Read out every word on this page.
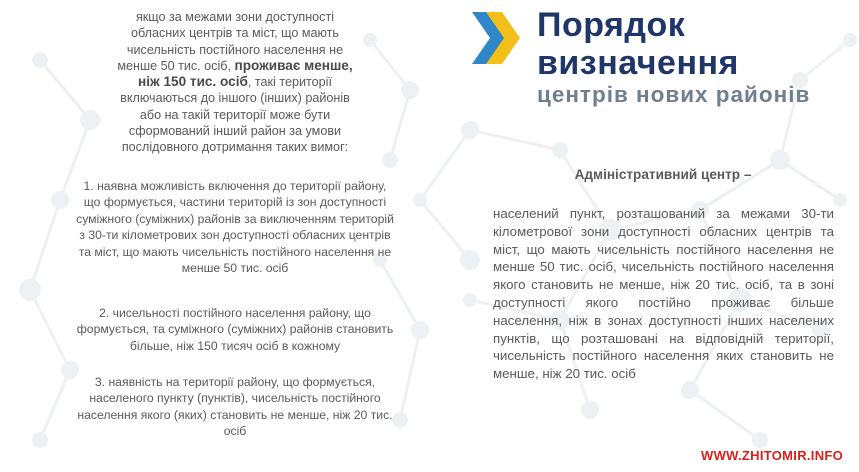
якщо за межами зони доступності обласних центрів та міст, що мають чисельність постійного населення не менше 50 тис. осіб, проживає менше, ніж 150 тис. осіб, такі території включаються до іншого (інших) районів або на такій території може бути сформований інший район за умови послідовного дотримання таких вимог:
1. наявна можливість включення до території району, що формується, частини територій із зон доступності суміжного (суміжних) районів за виключенням територій з 30-ти кілометрових зон доступності обласних центрів та міст, що мають чисельність постійного населення не менше 50 тис. осіб
2. чисельності постійного населення району, що формується, та суміжного (суміжних) районів становить більше, ніж 150 тисяч осіб в кожному
3. наявність на території району, що формується, населеного пункту (пунктів), чисельність постійного населення якого (яких) становить не менше, ніж 20 тис. осіб
Порядок
визначення
центрів нових районів
Адміністративний центр –
населений пункт, розташований за межами 30-ти кілометрової зони доступності обласних центрів та міст, що мають чисельність постійного населення не менше 50 тис. осіб, чисельність постійного населення якого становить не менше, ніж 20 тис. осіб, та в зоні доступності якого постійно проживає більше населення, ніж в зонах доступності інших населених пунктів, що розташовані на відповідній території, чисельність постійного населення яких становить не менше, ніж 20 тис. осіб
WWW.ZHITOMIR.INFO
